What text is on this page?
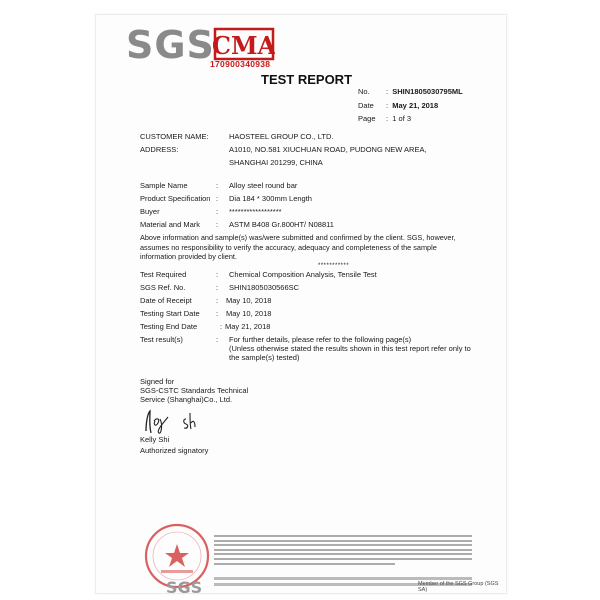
SGS
CMA
170900340938
TEST REPORT
No. :  SHIN1805030795ML
Date :  May 21, 2018
Page :  1 of 3
CUSTOMER NAME:	HAOSTEEL GROUP CO., LTD.
ADDRESS:	A1010, NO.581 XIUCHUAN ROAD, PUDONG NEW AREA,
SHANGHAI 201299, CHINA
Sample Name	: Alloy steel round bar
Product Specification : Dia 184 * 300mm Length
Buyer	: ******************
Material and Mark : ASTM B408 Gr.800HT/ N08811
Above information and sample(s) was/were submitted and confirmed by the client. SGS, however,
assumes no responsibility to verify the accuracy, adequacy and completeness of the sample
information provided by client.
***********
Test Required	: Chemical Composition Analysis, Tensile Test
SGS Ref. No.	: SHIN1805030566SC
Date of Receipt	: May 10, 2018
Testing Start Date : May 10, 2018
Testing End Date	: May 21, 2018
Test result(s)	: For further details, please refer to the following page(s)
(Unless otherwise stated the results shown in this test report refer only to
the sample(s) tested)
Signed for
SGS-CSTC Standards Technical
Service (Shanghai)Co., Ltd.
Kelly Shi
Authorized signatory
SGS	Member of the SGS Group (SGS SA)
